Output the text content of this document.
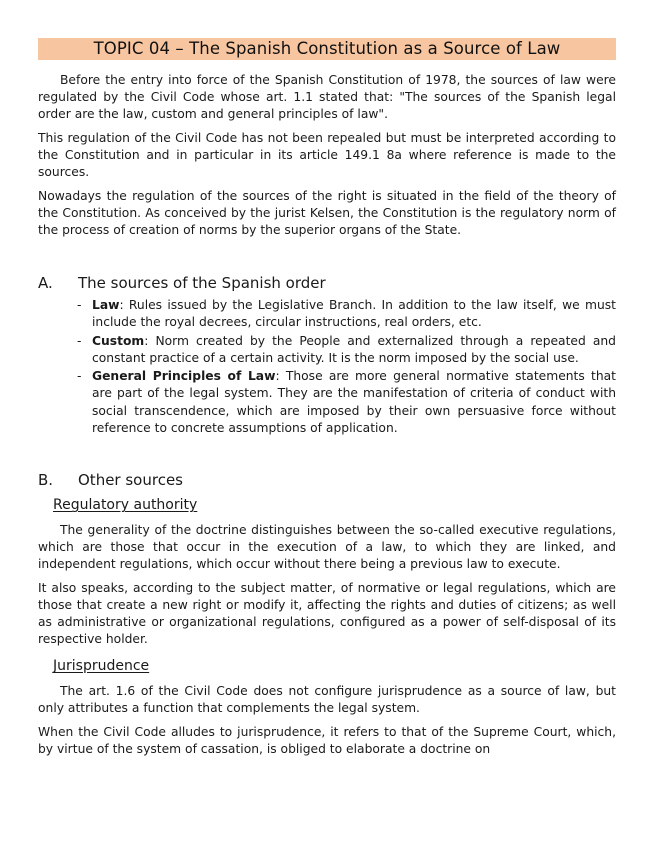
TOPIC 04 – The Spanish Constitution as a Source of Law

Before the entry into force of the Spanish Constitution of 1978, the sources of law were regulated by the Civil Code whose art. 1.1 stated that: "The sources of the Spanish legal order are the law, custom and general principles of law".

This regulation of the Civil Code has not been repealed but must be interpreted according to the Constitution and in particular in its article 149.1 8a where reference is made to the sources.

Nowadays the regulation of the sources of the right is situated in the field of the theory of the Constitution. As conceived by the jurist Kelsen, the Constitution is the regulatory norm of the process of creation of norms by the superior organs of the State.

A.	The sources of the Spanish order
- Law: Rules issued by the Legislative Branch. In addition to the law itself, we must include the royal decrees, circular instructions, real orders, etc.
- Custom: Norm created by the People and externalized through a repeated and constant practice of a certain activity. It is the norm imposed by the social use.
- General Principles of Law: Those are more general normative statements that are part of the legal system. They are the manifestation of criteria of conduct with social transcendence, which are imposed by their own persuasive force without reference to concrete assumptions of application.
B.	Other sources
Regulatory authority

The generality of the doctrine distinguishes between the so-called executive regulations, which are those that occur in the execution of a law, to which they are linked, and independent regulations, which occur without there being a previous law to execute.

It also speaks, according to the subject matter, of normative or legal regulations, which are those that create a new right or modify it, affecting the rights and duties of citizens; as well as administrative or organizational regulations, configured as a power of self-disposal of its respective holder.

Jurisprudence

The art. 1.6 of the Civil Code does not configure jurisprudence as a source of law, but only attributes a function that complements the legal system.

When the Civil Code alludes to jurisprudence, it refers to that of the Supreme Court, which, by virtue of the system of cassation, is obliged to elaborate a doctrine on
